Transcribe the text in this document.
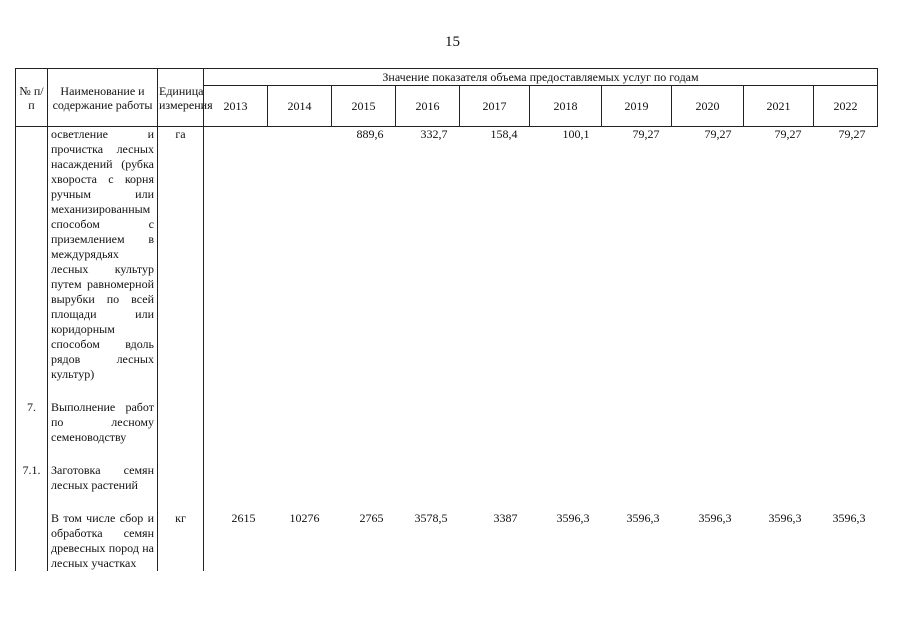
15
№ п/п	Наименование и содержание работы	Единица измерения	Значение показателя объема предоставляемых услуг по годам									
			2013	2014	2015	2016	2017	2018	2019	2020	2021	2022
	осветление и прочистка лесных насаждений (рубка хвороста с корня ручным или механизированным способом с приземлением в междурядьях лесных культур путем равномерной вырубки по всей площади или коридорным способом вдоль рядов лесных культур)	га			889,6	332,7	158,4	100,1	79,27	79,27	79,27	79,27

7.	Выполнение работ по лесному семеноводству											

7.1.	Заготовка семян лесных растений											

	В том числе сбор и обработка семян древесных пород на лесных участках	кг	2615	10276	2765	3578,5	3387	3596,3	3596,3	3596,3	3596,3	3596,3
